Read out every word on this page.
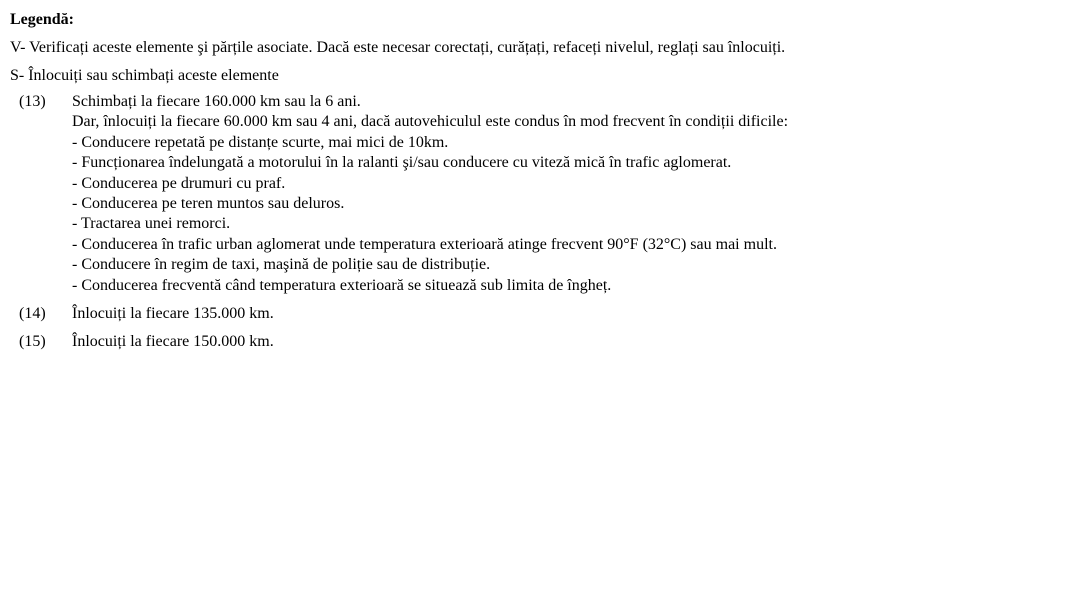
Legendă:
V- Verificați aceste elemente şi părțile asociate. Dacă este necesar corectați, curățați, refaceți nivelul, reglați sau înlocuiți.
S- Înlocuiți sau schimbați aceste elemente
(13) Schimbați la fiecare 160.000 km sau la 6 ani.
Dar, înlocuiți la fiecare 60.000 km sau 4 ani, dacă autovehiculul este condus în mod frecvent în condiții dificile:
- Conducere repetată pe distanțe scurte, mai mici de 10km.
- Funcționarea îndelungată a motorului în la ralanti şi/sau conducere cu viteză mică în trafic aglomerat.
- Conducerea pe drumuri cu praf.
- Conducerea pe teren muntos sau deluros.
- Tractarea unei remorci.
- Conducerea în trafic urban aglomerat unde temperatura exterioară atinge frecvent 90°F (32°C) sau mai mult.
- Conducere în regim de taxi, maşină de poliție sau de distribuție.
- Conducerea frecventă când temperatura exterioară se situează sub limita de îngheț.
(14) Înlocuiți la fiecare 135.000 km.
(15) Înlocuiți la fiecare 150.000 km.
